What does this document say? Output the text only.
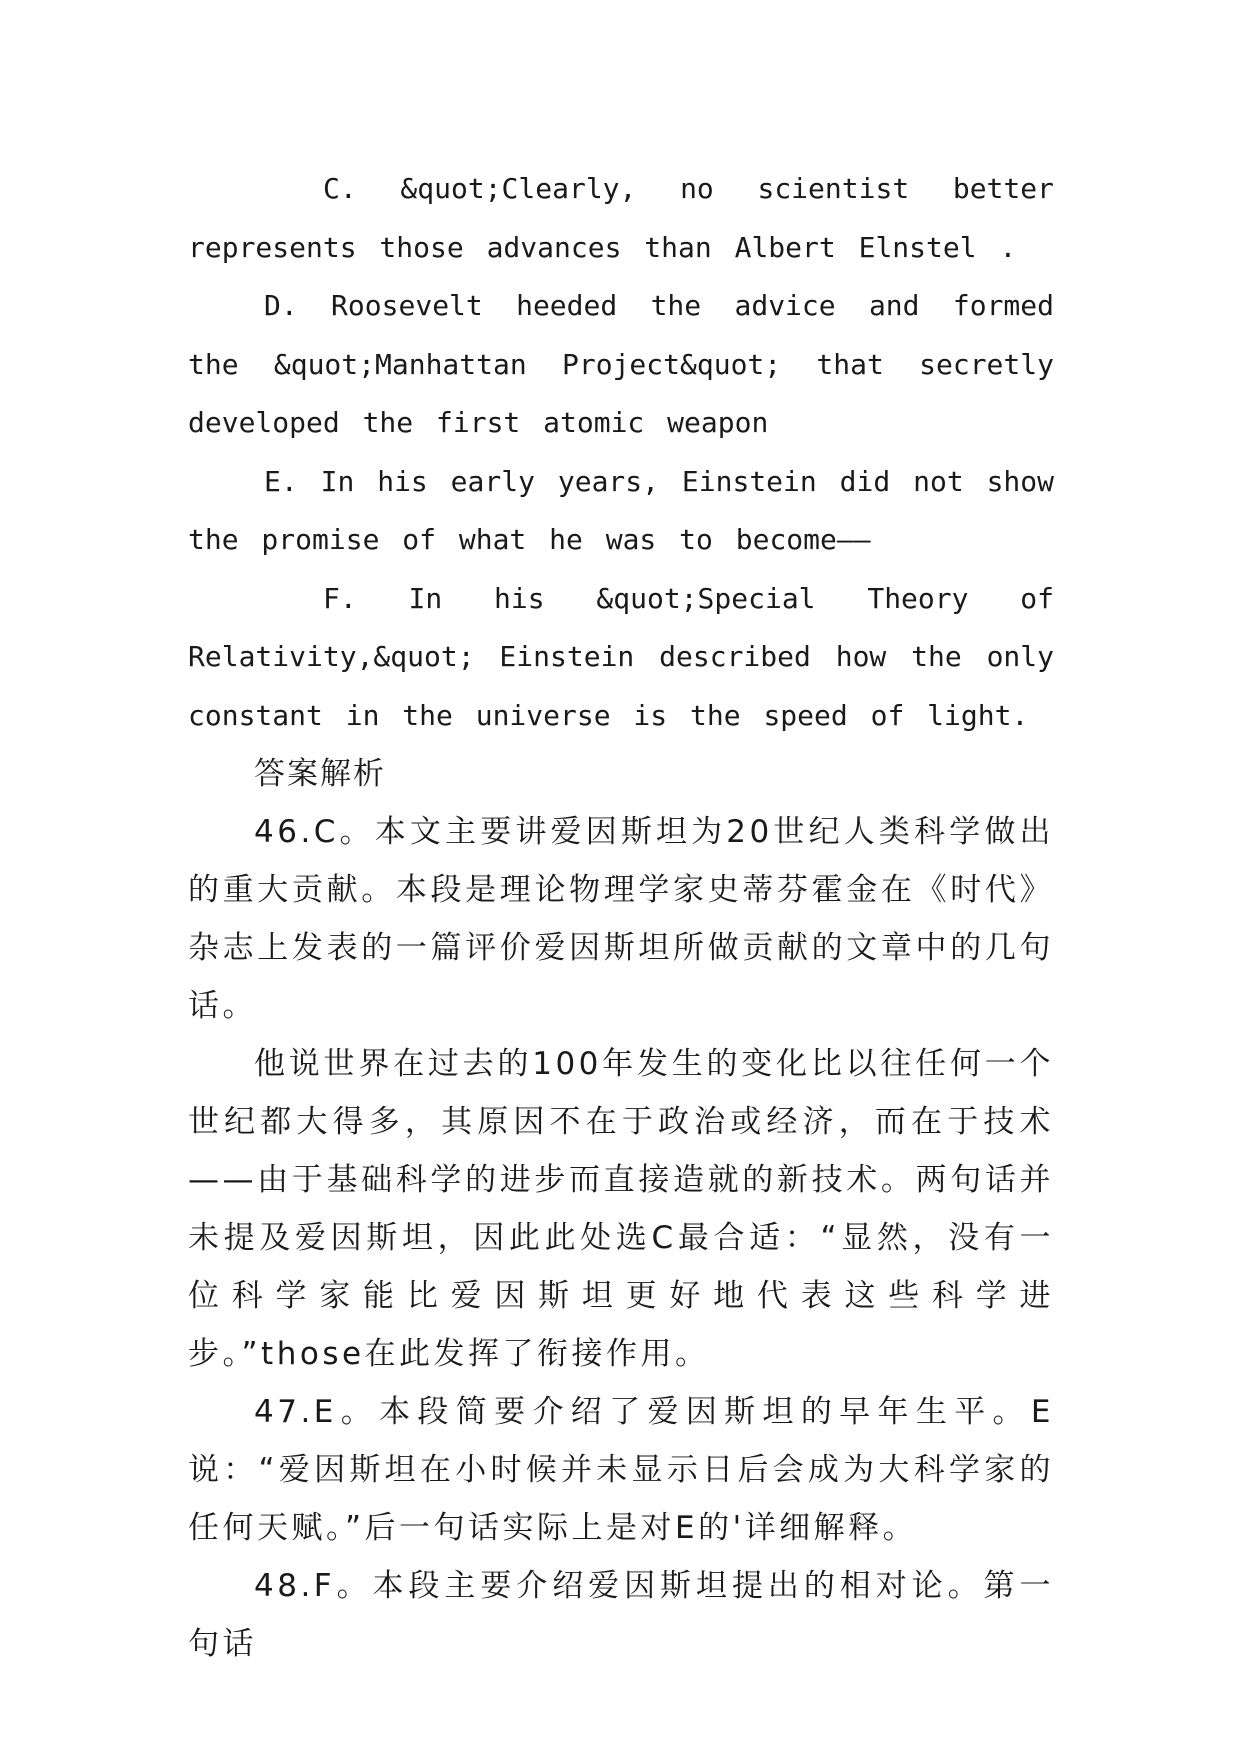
C. &quot;Clearly, no scientist better represents those advances than Albert Elnstel .

D. Roosevelt heeded the advice and formed the &quot;Manhattan Project&quot; that secretly developed the first atomic weapon

E. In his early years, Einstein did not show the promise of what he was to become——

F. In his &quot;Special Theory of Relativity,&quot; Einstein described how the only constant in the universe is the speed of light.

答案解析

46.C。本文主要讲爱因斯坦为20世纪人类科学做出的重大贡献。本段是理论物理学家史蒂芬霍金在《时代》杂志上发表的一篇评价爱因斯坦所做贡献的文章中的几句话。

他说世界在过去的100年发生的变化比以往任何一个世纪都大得多，其原因不在于政治或经济，而在于技术——由于基础科学的进步而直接造就的新技术。两句话并未提及爱因斯坦，因此此处选C最合适：“显然，没有一位科学家能比爱因斯坦更好地代表这些科学进步。”those在此发挥了衔接作用。

47.E。本段简要介绍了爱因斯坦的早年生平。E说：“爱因斯坦在小时候并未显示日后会成为大科学家的任何天赋。”后一句话实际上是对E的'详细解释。

48.F。本段主要介绍爱因斯坦提出的相对论。第一句话
